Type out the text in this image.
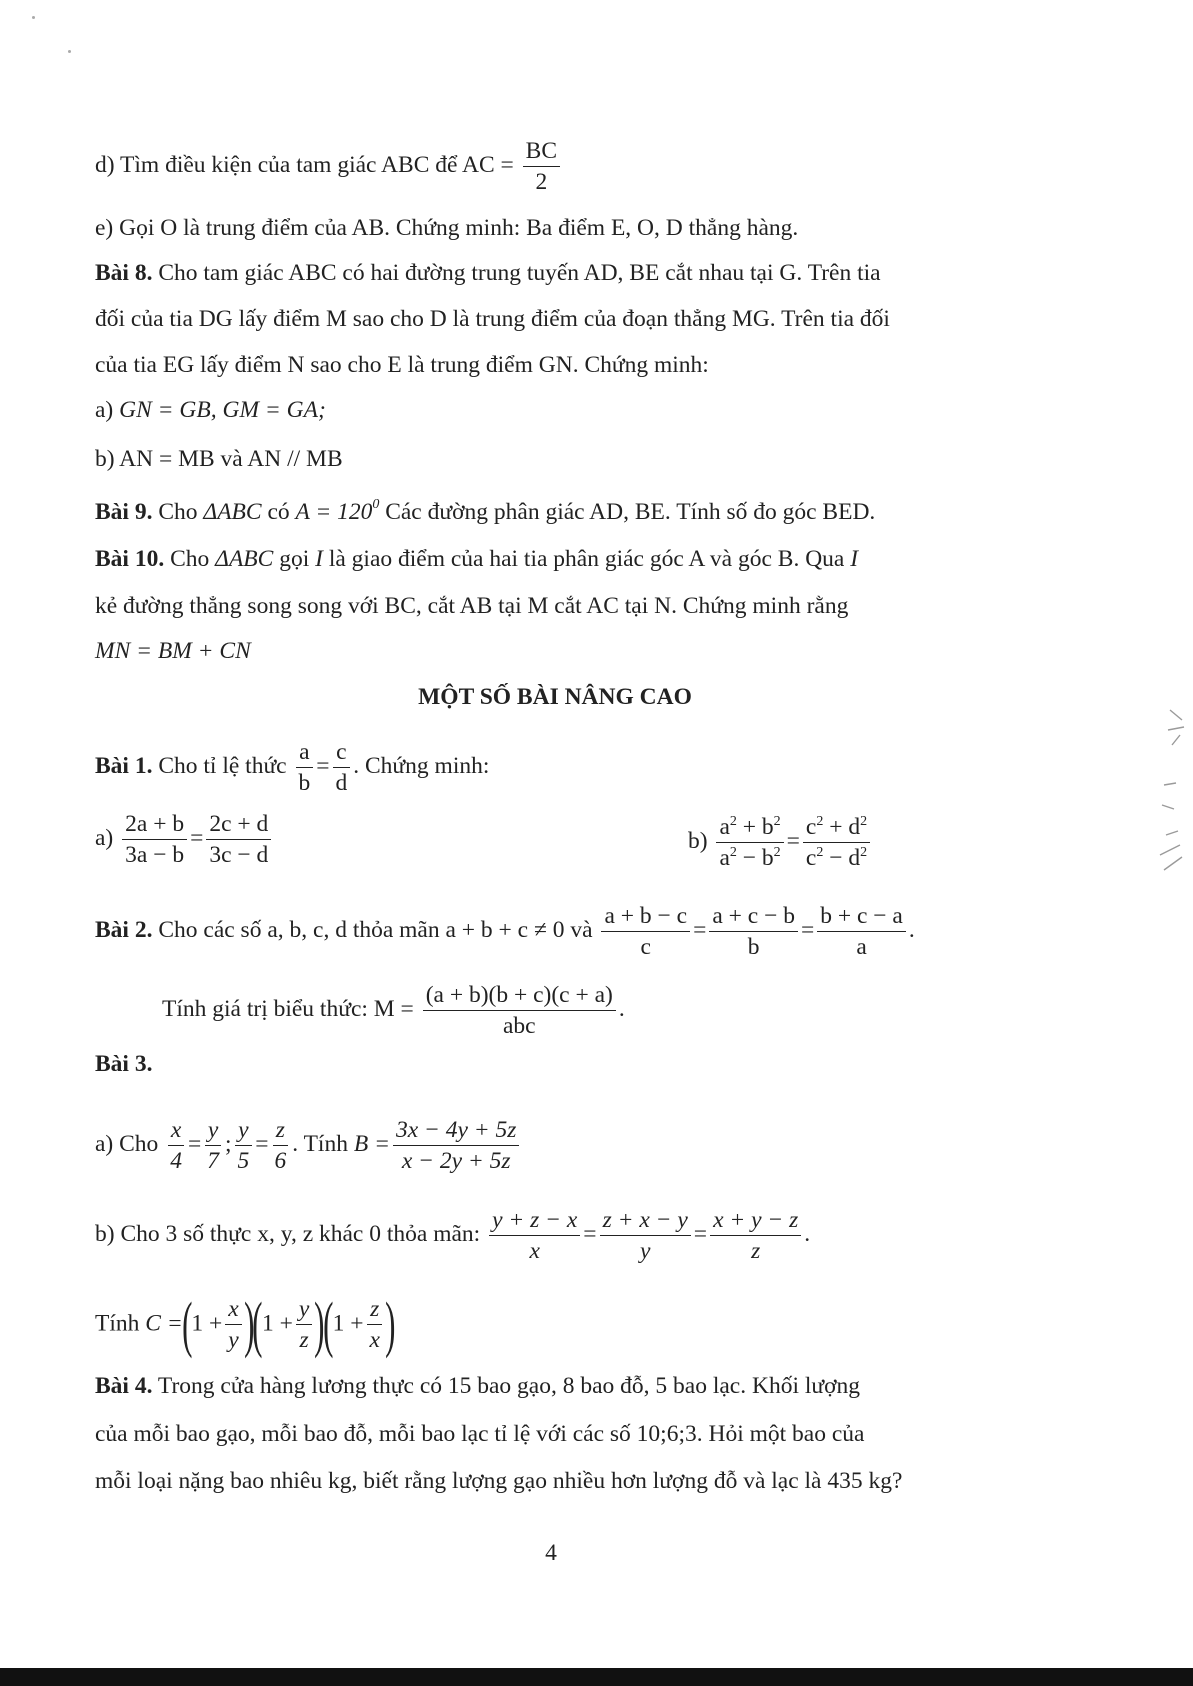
d) Tìm điều kiện của tam giác ABC để AC = $\frac{BC}{2}$
e) Gọi O là trung điểm của AB. Chứng minh: Ba điểm E, O, D thẳng hàng.
Bài 8. Cho tam giác ABC có hai đường trung tuyến AD, BE cắt nhau tại G. Trên tia
đối của tia DG lấy điểm M sao cho D là trung điểm của đoạn thẳng MG. Trên tia đối
của tia EG lấy điểm N sao cho E là trung điểm GN. Chứng minh:
a) GN = GB, GM = GA;
b) AN = MB và AN // MB
Bài 9. Cho ΔABC có $A = 120^0$ Các đường phân giác AD, BE. Tính số đo góc BED.
Bài 10. Cho ΔABC gọi I là giao điểm của hai tia phân giác góc A và góc B. Qua I
kẻ đường thẳng song song với BC, cắt AB tại M cắt AC tại N. Chứng minh rằng
MN = BM + CN
MỘT SỐ BÀI NÂNG CAO
Bài 1. Cho tỉ lệ thức $\frac{a}{b} = \frac{c}{d}$ . Chứng minh:
$a) \frac{2a + b}{3a - b} = \frac{2c + d}{3c - d}$	$b) \frac{a^2 + b^2}{a^2 - b^2} = \frac{c^2 + d^2}{c^2 - d^2}$
Bài 2. Cho các số a, b, c, d thỏa mãn a + b + c ≠ 0 và $\frac{a + b - c}{c} = \frac{a + c - b}{b} = \frac{b + c - a}{a}$ .
Tính giá trị biểu thức: $M = \frac{(a + b)(b + c)(c + a)}{\text{abc}}$ .
Bài 3.
a) Cho $\frac{x}{4} = \frac{y}{7}$ ; $\frac{y}{5} = \frac{z}{6}$ . Tính $B = \frac{3x - 4y + 5z}{x - 2y + 5z}$
b) Cho 3 số thực x, y, z khác 0 thỏa mãn: $\frac{y + z - x}{x} = \frac{z + x - y}{y} = \frac{x + y - z}{z}$ .
Tính $C =(1 + \frac{x}{y} )(1 + \frac{y}{z} )(1 + \frac{z}{x}$ )
Bài 4. Trong cửa hàng lương thực có 15 bao gạo, 8 bao đỗ, 5 bao lạc. Khối lượng
của mỗi bao gạo, mỗi bao đỗ, mỗi bao lạc tỉ lệ với các số 10;6;3. Hỏi một bao của
mỗi loại nặng bao nhiêu kg, biết rằng lượng gạo nhiều hơn lượng đỗ và lạc là 435 kg?
4
